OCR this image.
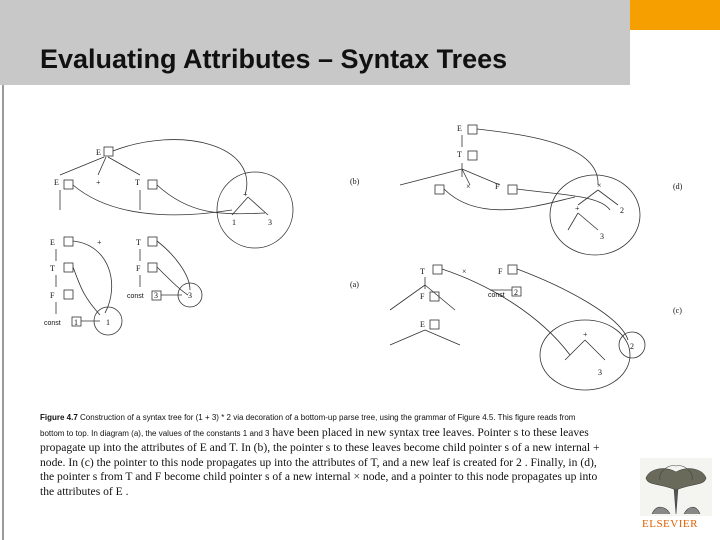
Evaluating Attributes – Syntax Trees
E
E	+	T
1	3
+
(b)
E	+	T
T	F
F	const 3	3
const 1	1
(a)
E
T
×	F	×
2
+
3
(d)
T	×	F
F
E
const 2
2
+
3
(c)
Figure 4.7 Construction of a syntax tree for (1 + 3) * 2 via decoration of a bottom-up parse tree, using the grammar of Figure 4.5. This figure reads from bottom to top. In diagram (a), the values of the constants 1 and 3 have been placed in new syntax tree leaves. Pointer s to these leaves propagate up into the attributes of E and T. In (b), the pointer s to these leaves become child pointer s of a new internal + node. In (c) the pointer to this node propagates up into the attributes of T, and a new leaf is created for 2 . Finally, in (d), the pointer s from T and F become child pointer s of a new internal × node, and a pointer to this node propagates up into the attributes of E .
ELSEVIER
